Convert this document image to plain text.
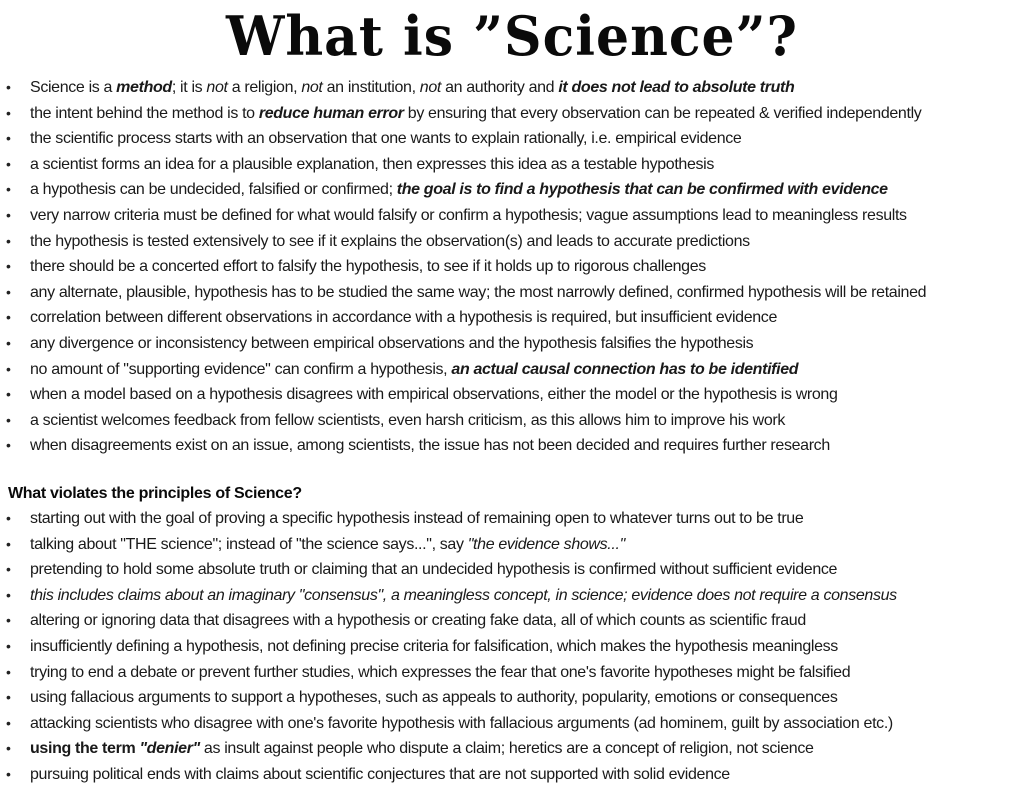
What is ”Science”?
• Science is a method; it is not a religion, not an institution, not an authority and it does not lead to absolute truth
• the intent behind the method is to reduce human error by ensuring that every observation can be repeated & verified independently
• the scientific process starts with an observation that one wants to explain rationally, i.e. empirical evidence
• a scientist forms an idea for a plausible explanation, then expresses this idea as a testable hypothesis
• a hypothesis can be undecided, falsified or confirmed; the goal is to find a hypothesis that can be confirmed with evidence
• very narrow criteria must be defined for what would falsify or confirm a hypothesis; vague assumptions lead to meaningless results
• the hypothesis is tested extensively to see if it explains the observation(s) and leads to accurate predictions
• there should be a concerted effort to falsify the hypothesis, to see if it holds up to rigorous challenges
• any alternate, plausible, hypothesis has to be studied the same way; the most narrowly defined, confirmed hypothesis will be retained
• correlation between different observations in accordance with a hypothesis is required, but insufficient evidence
• any divergence or inconsistency between empirical observations and the hypothesis falsifies the hypothesis
• no amount of "supporting evidence" can confirm a hypothesis, an actual causal connection has to be identified
• when a model based on a hypothesis disagrees with empirical observations, either the model or the hypothesis is wrong
• a scientist welcomes feedback from fellow scientists, even harsh criticism, as this allows him to improve his work
• when disagreements exist on an issue, among scientists, the issue has not been decided and requires further research
What violates the principles of Science?
• starting out with the goal of proving a specific hypothesis instead of remaining open to whatever turns out to be true
• talking about "THE science"; instead of "the science says...", say "the evidence shows..."
• pretending to hold some absolute truth or claiming that an undecided hypothesis is confirmed without sufficient evidence
• this includes claims about an imaginary "consensus", a meaningless concept, in science; evidence does not require a consensus
• altering or ignoring data that disagrees with a hypothesis or creating fake data, all of which counts as scientific fraud
• insufficiently defining a hypothesis, not defining precise criteria for falsification, which makes the hypothesis meaningless
• trying to end a debate or prevent further studies, which expresses the fear that one's favorite hypotheses might be falsified
• using fallacious arguments to support a hypotheses, such as appeals to authority, popularity, emotions or consequences
• attacking scientists who disagree with one's favorite hypothesis with fallacious arguments (ad hominem, guilt by association etc.)
• using the term "denier" as insult against people who dispute a claim; heretics are a concept of religion, not science
• pursuing political ends with claims about scientific conjectures that are not supported with solid evidence
